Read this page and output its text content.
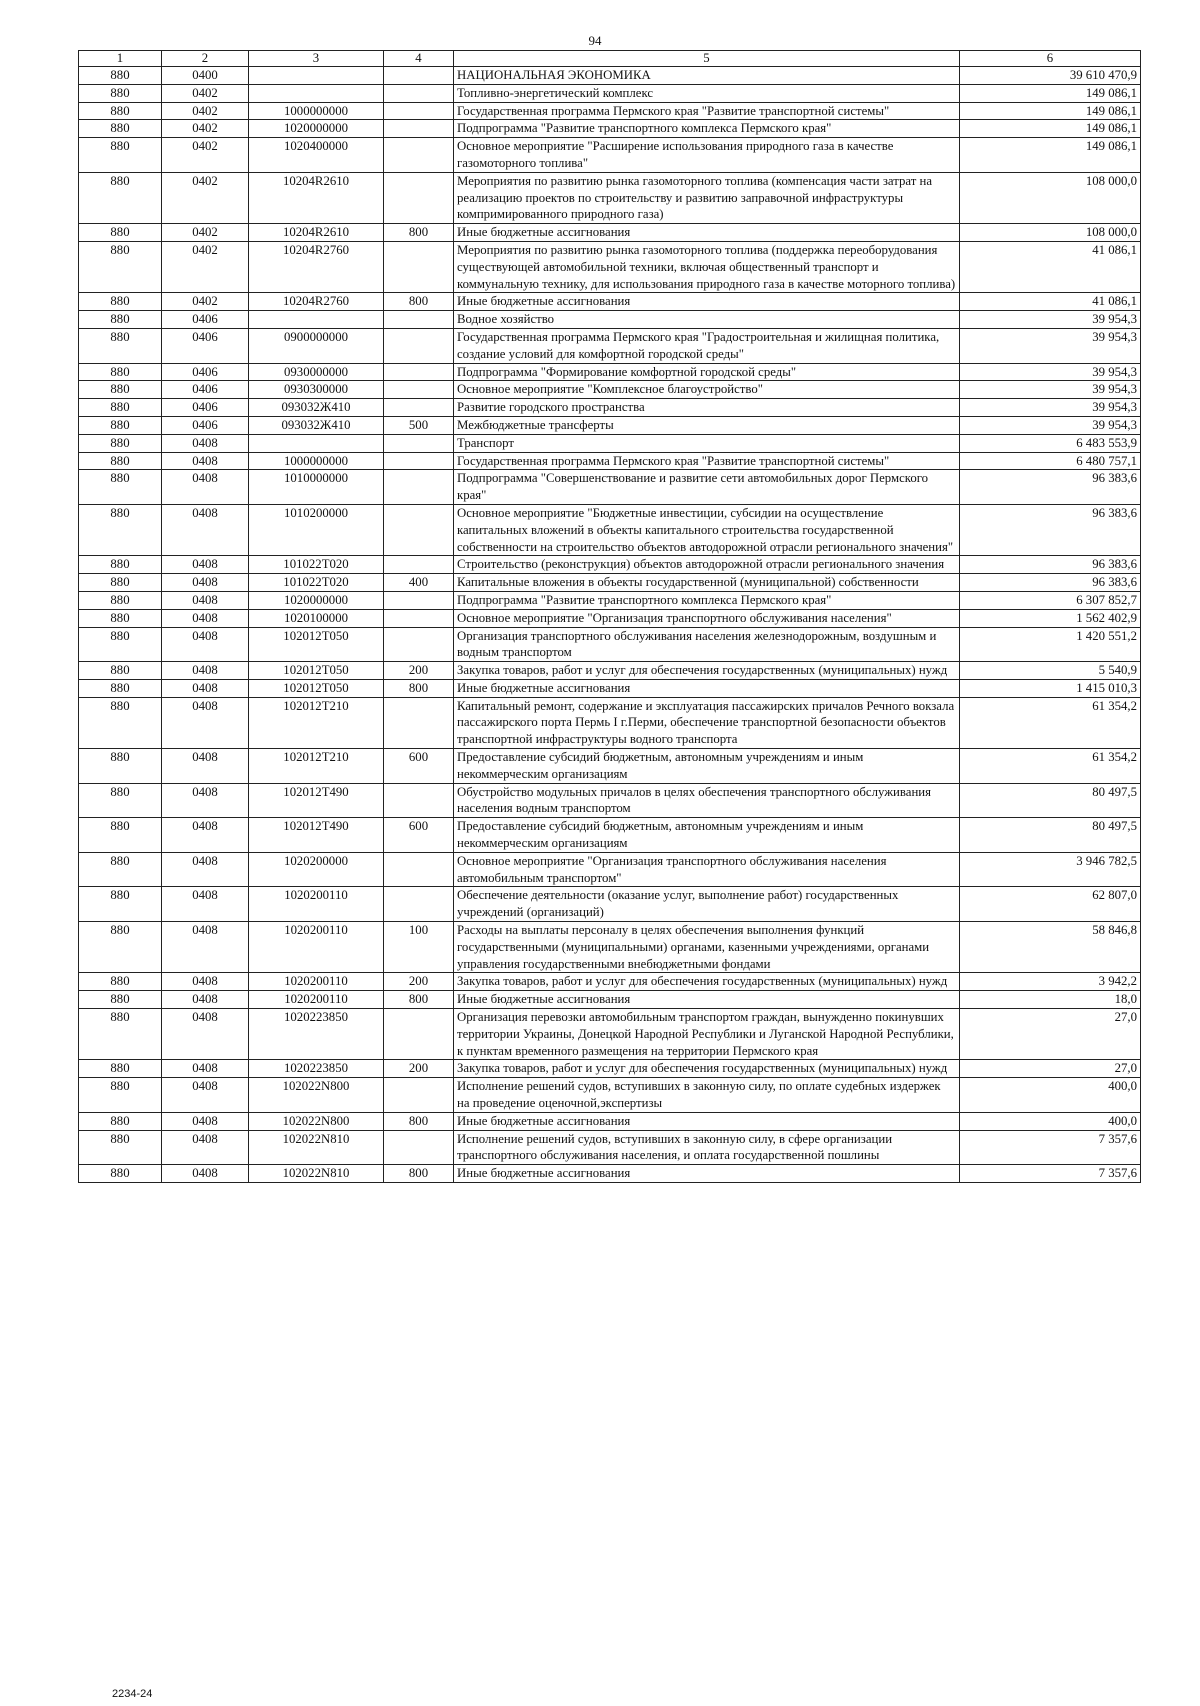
94
1	2	3	4	5	6
880	0400			НАЦИОНАЛЬНАЯ ЭКОНОМИКА	39 610 470,9
880	0402			Топливно-энергетический комплекс	149 086,1
880	0402	1000000000		Государственная программа Пермского края "Развитие транспортной системы"	149 086,1
880	0402	1020000000		Подпрограмма "Развитие транспортного комплекса Пермского края"	149 086,1
880	0402	1020400000		Основное мероприятие "Расширение использования природного газа в качестве газомоторного топлива"	149 086,1
880	0402	10204R2610		Мероприятия по развитию рынка газомоторного топлива (компенсация части затрат на реализацию проектов по строительству и развитию заправочной инфраструктуры компримированного природного газа)	108 000,0
880	0402	10204R2610	800	Иные бюджетные ассигнования	108 000,0
880	0402	10204R2760		Мероприятия по развитию рынка газомоторного топлива (поддержка переоборудования существующей автомобильной техники, включая общественный транспорт и коммунальную технику, для использования природного газа в качестве моторного топлива)	41 086,1
880	0402	10204R2760	800	Иные бюджетные ассигнования	41 086,1
880	0406			Водное хозяйство	39 954,3
880	0406	0900000000		Государственная программа Пермского края "Градостроительная и жилищная политика, создание условий для комфортной городской среды"	39 954,3
880	0406	0930000000		Подпрограмма "Формирование комфортной городской среды"	39 954,3
880	0406	0930300000		Основное мероприятие "Комплексное благоустройство"	39 954,3
880	0406	093032Ж410		Развитие городского пространства	39 954,3
880	0406	093032Ж410	500	Межбюджетные трансферты	39 954,3
880	0408			Транспорт	6 483 553,9
880	0408	1000000000		Государственная программа Пермского края "Развитие транспортной системы"	6 480 757,1
880	0408	1010000000		Подпрограмма "Совершенствование и развитие сети автомобильных дорог Пермского края"	96 383,6
880	0408	1010200000		Основное мероприятие "Бюджетные инвестиции, субсидии на осуществление капитальных вложений в объекты капитального строительства государственной собственности на строительство объектов автодорожной отрасли регионального значения"	96 383,6
880	0408	101022Т020		Строительство (реконструкция) объектов автодорожной отрасли регионального значения	96 383,6
880	0408	101022Т020	400	Капитальные вложения в объекты государственной (муниципальной) собственности	96 383,6
880	0408	1020000000		Подпрограмма "Развитие транспортного комплекса Пермского края"	6 307 852,7
880	0408	1020100000		Основное мероприятие "Организация транспортного обслуживания населения"	1 562 402,9
880	0408	102012Т050		Организация транспортного обслуживания населения железнодорожным, воздушным и водным транспортом	1 420 551,2
880	0408	102012Т050	200	Закупка товаров, работ и услуг для обеспечения государственных (муниципальных) нужд	5 540,9
880	0408	102012Т050	800	Иные бюджетные ассигнования	1 415 010,3
880	0408	102012Т210		Капитальный ремонт, содержание и эксплуатация пассажирских причалов Речного вокзала пассажирского порта Пермь I г.Перми, обеспечение транспортной безопасности объектов транспортной инфраструктуры водного транспорта	61 354,2
880	0408	102012Т210	600	Предоставление субсидий бюджетным, автономным учреждениям и иным некоммерческим организациям	61 354,2
880	0408	102012Т490		Обустройство модульных причалов в целях обеспечения транспортного обслуживания населения водным транспортом	80 497,5
880	0408	102012Т490	600	Предоставление субсидий бюджетным, автономным учреждениям и иным некоммерческим организациям	80 497,5
880	0408	1020200000		Основное мероприятие "Организация транспортного обслуживания населения автомобильным транспортом"	3 946 782,5
880	0408	1020200110		Обеспечение деятельности (оказание услуг, выполнение работ) государственных учреждений (организаций)	62 807,0
880	0408	1020200110	100	Расходы на выплаты персоналу в целях обеспечения выполнения функций государственными (муниципальными) органами, казенными учреждениями, органами управления государственными внебюджетными фондами	58 846,8
880	0408	1020200110	200	Закупка товаров, работ и услуг для обеспечения государственных (муниципальных) нужд	3 942,2
880	0408	1020200110	800	Иные бюджетные ассигнования	18,0
880	0408	1020223850		Организация перевозки автомобильным транспортом граждан, вынужденно покинувших территории Украины, Донецкой Народной Республики и Луганской Народной Республики, к пунктам временного размещения на территории Пермского края	27,0
880	0408	1020223850	200	Закупка товаров, работ и услуг для обеспечения государственных (муниципальных) нужд	27,0
880	0408	102022N800		Исполнение решений судов, вступивших в законную силу, по оплате судебных издержек на проведение оценочной,экспертизы	400,0
880	0408	102022N800	800	Иные бюджетные ассигнования	400,0
880	0408	102022N810		Исполнение решений судов, вступивших в законную силу, в сфере организации транспортного обслуживания населения, и оплата государственной пошлины	7 357,6
880	0408	102022N810	800	Иные бюджетные ассигнования	7 357,6
2234-24
